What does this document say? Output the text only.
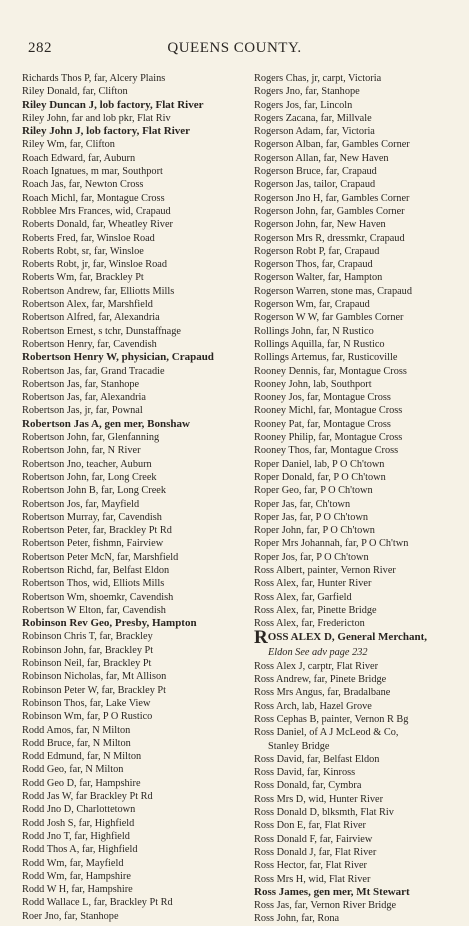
282	QUEENS COUNTY.
Richards Thos P, far, Alcery Plains
Riley Donald, far, Clifton
Riley Duncan J, lob factory, Flat River
Riley John, far and lob pkr, Flat Riv
Riley John J, lob factory, Flat River
Riley Wm, far, Clifton
Roach Edward, far, Auburn
Roach Ignatues, m mar, Southport
Roach Jas, far, Newton Cross
Roach Michl, far, Montague Cross
Robblee Mrs Frances, wid, Crapaud
Roberts Donald, far, Wheatley River
Roberts Fred, far, Winsloe Road
Roberts Robt, sr, far, Winsloe
Roberts Robt, jr, far, Winsloe Road
Roberts Wm, far, Brackley Pt
Robertson Andrew, far, Elliotts Mills
Robertson Alex, far, Marshfield
Robertson Alfred, far, Alexandria
Robertson Ernest, s tchr, Dunstaffnage
Robertson Henry, far, Cavendish
Robertson Henry W, physician, Crapaud
Robertson Jas, far, Grand Tracadie
Robertson Jas, far, Stanhope
Robertson Jas, far, Alexandria
Robertson Jas, jr, far, Pownal
Robertson Jas A, gen mer, Bonshaw
Robertson John, far, Glenfanning
Robertson John, far, N River
Robertson Jno, teacher, Auburn
Robertson John, far, Long Creek
Robertson John B, far, Long Creek
Robertson Jos, far, Mayfield
Robertson Murray, far, Cavendish
Robertson Peter, far, Brackley Pt Rd
Robertson Peter, fishmn, Fairview
Robertson Peter McN, far, Marshfield
Robertson Richd, far, Belfast Eldon
Robertson Thos, wid, Elliots Mills
Robertson Wm, shoemkr, Cavendish
Robertson W Elton, far, Cavendish
Robinson Rev Geo, Presby, Hampton
Robinson Chris T, far, Brackley
Robinson John, far, Brackley Pt
Robinson Neil, far, Brackley Pt
Robinson Nicholas, far, Mt Allison
Robinson Peter W, far, Brackley Pt
Robinson Thos, far, Lake View
Robinson Wm, far, P O Rustico
Rodd Amos, far, N Milton
Rodd Bruce, far, N Milton
Rodd Edmund, far, N Milton
Rodd Geo, far, N Milton
Rodd Geo D, far, Hampshire
Rodd Jas W, far Brackley Pt Rd
Rodd Jno D, Charlottetown
Rodd Josh S, far, Highfield
Rodd Jno T, far, Highfield
Rodd Thos A, far, Highfield
Rodd Wm, far, Mayfield
Rodd Wm, far, Hampshire
Rodd W H, far, Hampshire
Rodd Wallace L, far, Brackley Pt Rd
Roer Jno, far, Stanhope
Rogers Chas, jr, carpt, Victoria
Rogers Jno, far, Stanhope
Rogers Jos, far, Lincoln
Rogers Zacana, far, Millvale
Rogerson Adam, far, Victoria
Rogerson Alban, far, Gambles Corner
Rogerson Allan, far, New Haven
Rogerson Bruce, far, Crapaud
Rogerson Jas, tailor, Crapaud
Rogerson Jno H, far, Gambles Corner
Rogerson John, far, Gambles Corner
Rogerson John, far, New Haven
Rogerson Mrs R, dressmkr, Crapaud
Rogerson Robt P, far, Crapaud
Rogerson Thos, far, Crapaud
Rogerson Walter, far, Hampton
Rogerson Warren, stone mas, Crapaud
Rogerson Wm, far, Crapaud
Rogerson W W, far Gambles Corner
Rollings John, far, N Rustico
Rollings Aquilla, far, N Rustico
Rollings Artemus, far, Rusticoville
Rooney Dennis, far, Montague Cross
Rooney John, lab, Southport
Rooney Jos, far, Montague Cross
Rooney Michl, far, Montague Cross
Rooney Pat, far, Montague Cross
Rooney Philip, far, Montague Cross
Rooney Thos, far, Montague Cross
Roper Daniel, lab, P O Ch'town
Roper Donald, far, P O Ch'town
Roper Geo, far, P O Ch'town
Roper Jas, far, Ch'town
Roper Jas, far, P O Ch'town
Roper John, far, P O Ch'town
Roper Mrs Johannah, far, P O Ch'twn
Roper Jos, far, P O Ch'town
Ross Albert, painter, Vernon River
Ross Alex, far, Hunter River
Ross Alex, far, Garfield
Ross Alex, far, Pinette Bridge
Ross Alex, far, Fredericton
ROSS ALEX D, General Merchant,
Eldon See adv page 232
Ross Alex J, carptr, Flat River
Ross Andrew, far, Pinete Bridge
Ross Mrs Angus, far, Bradalbane
Ross Arch, lab, Hazel Grove
Ross Cephas B, painter, Vernon R Bg
Ross Daniel, of A J McLeod & Co,
Stanley Bridge
Ross David, far, Belfast Eldon
Ross David, far, Kinross
Ross Donald, far, Cymbra
Ross Mrs D, wid, Hunter River
Ross Donald D, blksmth, Flat Riv
Ross Don E, far, Flat River
Ross Donald F, far, Fairview
Ross Donald J, far, Flat River
Ross Hector, far, Flat River
Ross Mrs H, wid, Flat River
Ross James, gen mer, Mt Stewart
Ross Jas, far, Vernon River Bridge
Ross John, far, Rona
